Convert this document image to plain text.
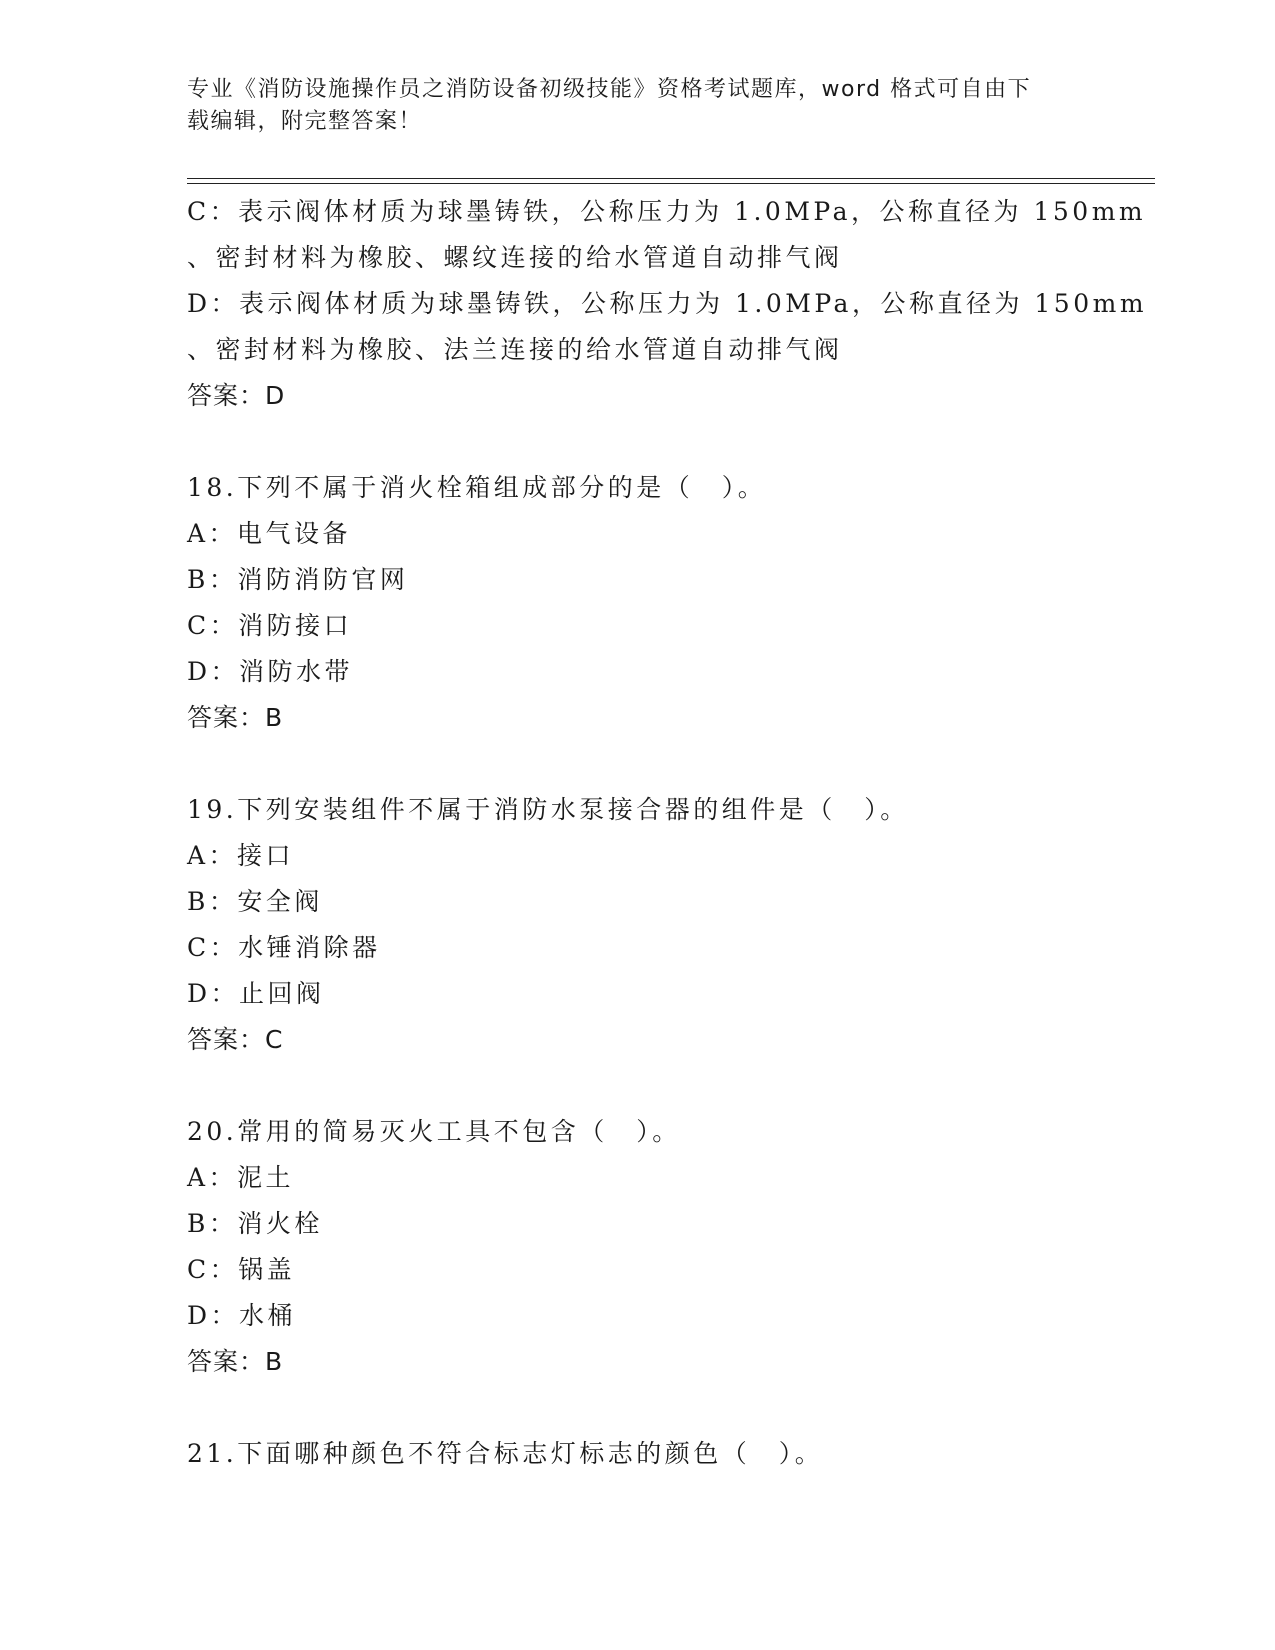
专业《消防设施操作员之消防设备初级技能》资格考试题库，word 格式可自由下
载编辑，附完整答案！
C：表示阀体材质为球墨铸铁，公称压力为 1.0MPa，公称直径为 150mm
、密封材料为橡胶、螺纹连接的给水管道自动排气阀
D：表示阀体材质为球墨铸铁，公称压力为 1.0MPa，公称直径为 150mm
、密封材料为橡胶、法兰连接的给水管道自动排气阀
答案：D
18.下列不属于消火栓箱组成部分的是（　）。
A：电气设备
B：消防消防官网
C：消防接口
D：消防水带
答案：B
19.下列安装组件不属于消防水泵接合器的组件是（　）。
A：接口
B：安全阀
C：水锤消除器
D：止回阀
答案：C
20.常用的简易灭火工具不包含（　）。
A：泥土
B：消火栓
C：锅盖
D：水桶
答案：B
21.下面哪种颜色不符合标志灯标志的颜色（　）。
